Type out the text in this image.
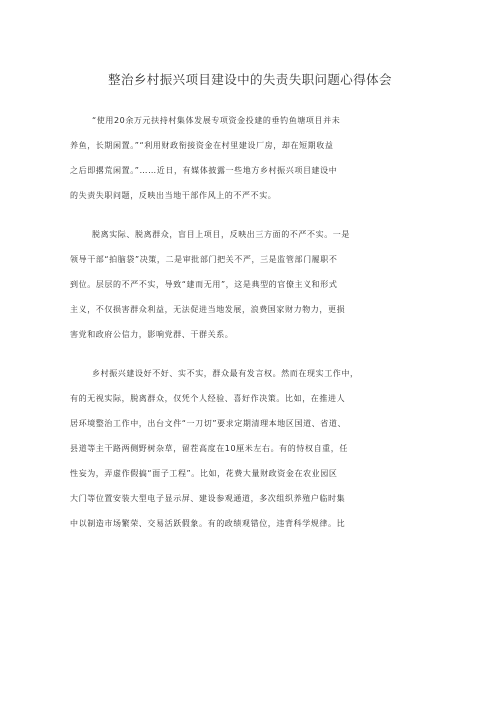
整治乡村振兴项目建设中的失责失职问题心得体会
“使用20余万元扶持村集体发展专项资金投建的垂钓鱼塘项目并未
养鱼，长期闲置。”“利用财政衔接资金在村里建设厂房，却在短期收益
之后即撂荒闲置。”……近日，有媒体披露一些地方乡村振兴项目建设中
的失责失职问题，反映出当地干部作风上的不严不实。
脱离实际、脱离群众，盲目上项目，反映出三方面的不严不实。一是
领导干部“拍脑袋”决策，二是审批部门把关不严，三是监管部门履职不
到位。层层的不严不实，导致“建而无用”，这是典型的官僚主义和形式
主义，不仅损害群众利益，无法促进当地发展，浪费国家财力物力，更损
害党和政府公信力，影响党群、干群关系。
乡村振兴建设好不好、实不实，群众最有发言权。然而在现实工作中，
有的无视实际，脱离群众，仅凭个人经验、喜好作决策。比如，在推进人
居环境整治工作中，出台文件“一刀切”要求定期清理本地区国道、省道、
县道等主干路两侧野树杂草，留茬高度在10厘米左右。有的恃权自重，任
性妄为，弄虚作假搞“面子工程”。比如，花费大量财政资金在农业园区
大门等位置安装大型电子显示屏、建设参观通道，多次组织养殖户临时集
中以制造市场繁荣、交易活跃假象。有的政绩观错位，违背科学规律。比
